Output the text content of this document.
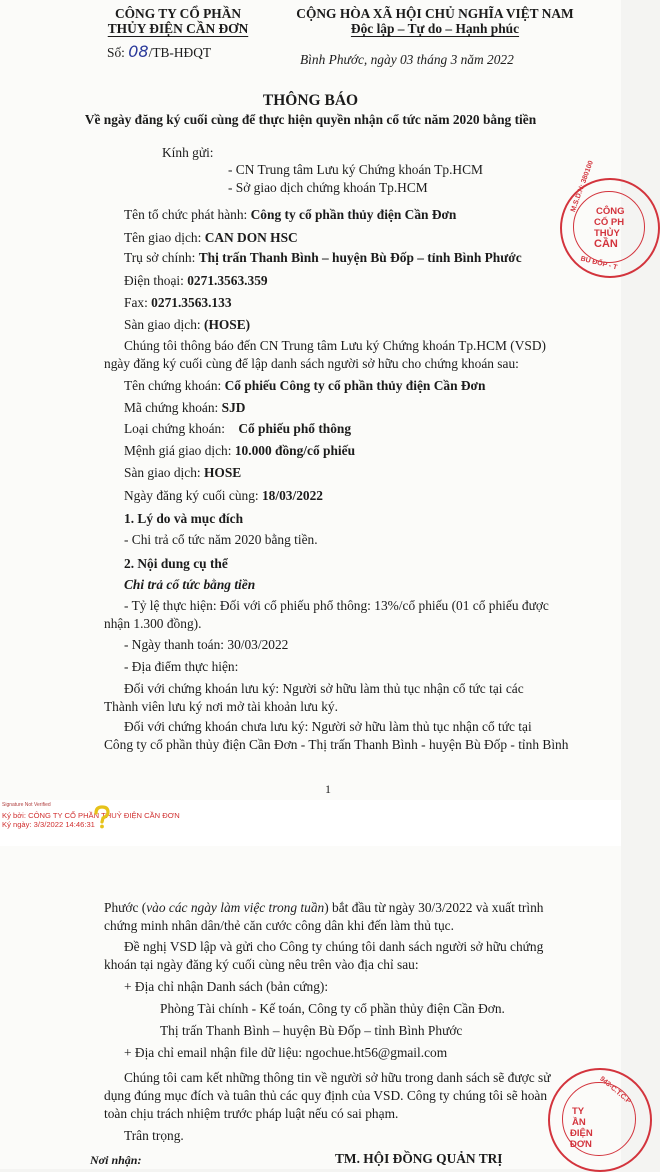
CÔNG TY CỔ PHẦN
THỦY ĐIỆN CẦN ĐƠN
Số: 08/TB-HĐQT
CỘNG HÒA XÃ HỘI CHỦ NGHĨA VIỆT NAM
Độc lập – Tự do – Hạnh phúc
Bình Phước, ngày 03 tháng 3 năm 2022
THÔNG BÁO
Về ngày đăng ký cuối cùng để thực hiện quyền nhận cổ tức năm 2020 bằng tiền
Kính gửi:
- CN Trung tâm Lưu ký Chứng khoán Tp.HCM
- Sở giao dịch chứng khoán Tp.HCM
Tên tổ chức phát hành: Công ty cổ phần thủy điện Cần Đơn
Tên giao dịch: CAN DON HSC
Trụ sở chính: Thị trấn Thanh Bình – huyện Bù Đốp – tỉnh Bình Phước
Điện thoại: 0271.3563.359
Fax: 0271.3563.133
Sàn giao dịch: (HOSE)
Chúng tôi thông báo đến CN Trung tâm Lưu ký Chứng khoán Tp.HCM (VSD)
ngày đăng ký cuối cùng để lập danh sách người sở hữu cho chứng khoán sau:
Tên chứng khoán: Cổ phiếu Công ty cổ phần thủy điện Cần Đơn
Mã chứng khoán: SJD
Loại chứng khoán: Cổ phiếu phổ thông
Mệnh giá giao dịch: 10.000 đồng/cổ phiếu
Sàn giao dịch: HOSE
Ngày đăng ký cuối cùng: 18/03/2022
1. Lý do và mục đích
- Chi trả cổ tức năm 2020 bằng tiền.
2. Nội dung cụ thể
Chi trả cổ tức bằng tiền
- Tỷ lệ thực hiện: Đối với cổ phiếu phổ thông: 13%/cổ phiếu (01 cổ phiếu được
nhận 1.300 đồng).
- Ngày thanh toán: 30/03/2022
- Địa điểm thực hiện:
Đối với chứng khoán lưu ký: Người sở hữu làm thủ tục nhận cổ tức tại các
Thành viên lưu ký nơi mở tài khoản lưu ký.
Đối với chứng khoán chưa lưu ký: Người sở hữu làm thủ tục nhận cổ tức tại
Công ty cổ phần thủy điện Cần Đơn - Thị trấn Thanh Bình - huyện Bù Đốp - tỉnh Bình
1
M.S.D.N: 380100 CÔNG
CỔ PH
THỦY
CẦN
BÙ ĐỐP - T
Signature Not Verified
Ký bởi: CÔNG TY CỔ PHẦN THUỶ ĐIỆN CẦN ĐƠN
Ký ngày: 3/3/2022 14:46:31
Phước (vào các ngày làm việc trong tuần) bắt đầu từ ngày 30/3/2022 và xuất trình
chứng minh nhân dân/thẻ căn cước công dân khi đến làm thủ tục.
Đề nghị VSD lập và gửi cho Công ty chúng tôi danh sách người sở hữu chứng
khoán tại ngày đăng ký cuối cùng nêu trên vào địa chỉ sau:
+ Địa chỉ nhận Danh sách (bản cứng):
Phòng Tài chính - Kế toán, Công ty cổ phần thủy điện Cần Đơn.
Thị trấn Thanh Bình – huyện Bù Đốp – tỉnh Bình Phước
+ Địa chỉ email nhận file dữ liệu: ngochue.ht56@gmail.com
Chúng tôi cam kết những thông tin về người sở hữu trong danh sách sẽ được sử
dụng đúng mục đích và tuân thủ các quy định của VSD. Công ty chúng tôi sẽ hoàn
toàn chịu trách nhiệm trước pháp luật nếu có sai phạm.
Trân trọng.
Nơi nhận:	TM. HỘI ĐỒNG QUẢN TRỊ
943-C.T.C.P
TY
ẦN
ĐIỆN
ĐƠN
